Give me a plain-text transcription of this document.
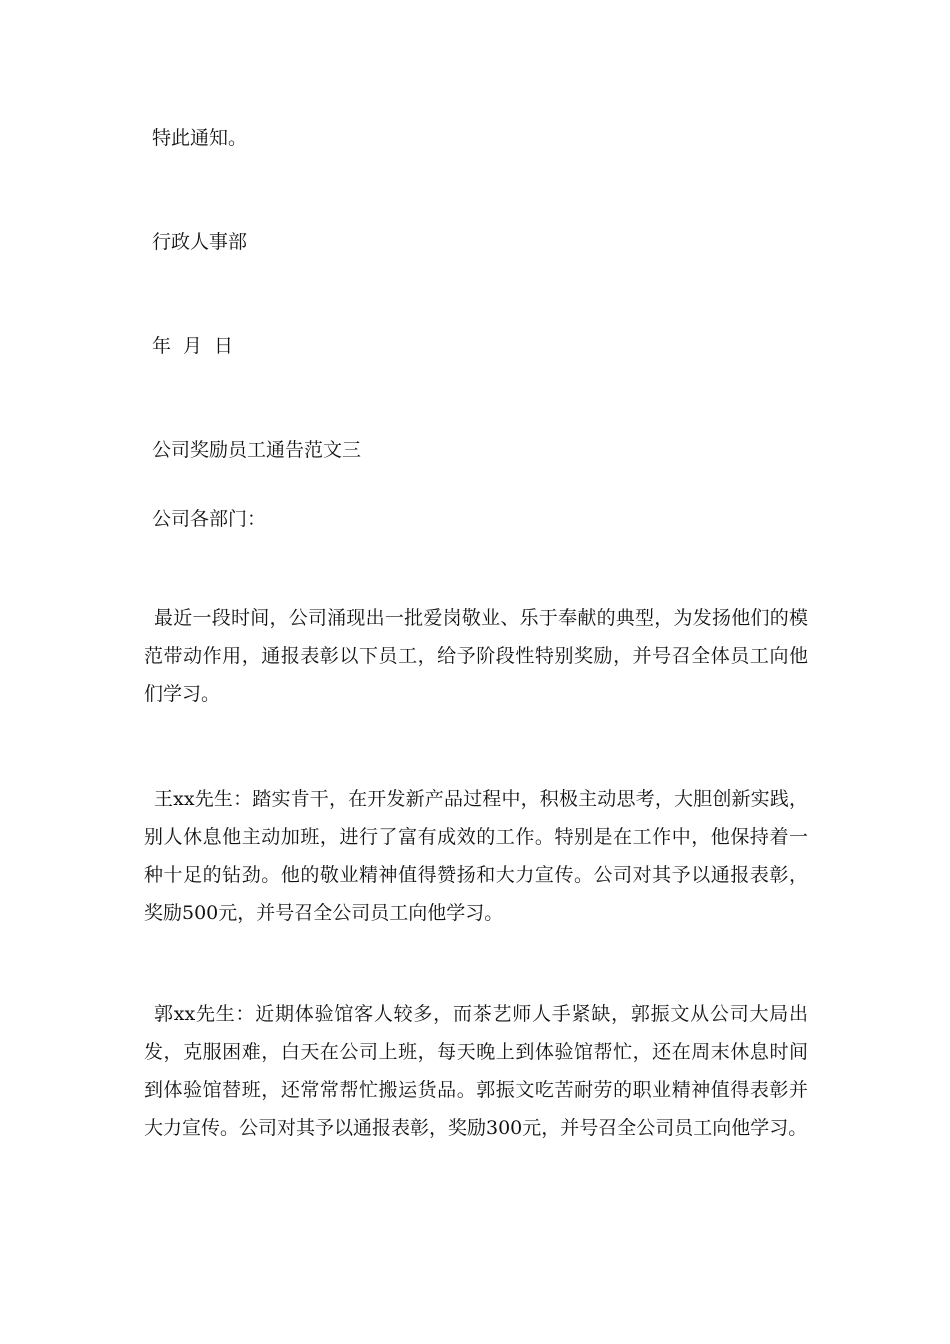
特此通知。
行政人事部
年 月 日
公司奖励员工通告范文三
公司各部门：
最近一段时间，公司涌现出一批爱岗敬业、乐于奉献的典型，为发扬他们的模范带动作用，通报表彰以下员工，给予阶段性特别奖励，并号召全体员工向他们学习。
王xx先生：踏实肯干，在开发新产品过程中，积极主动思考，大胆创新实践，别人休息他主动加班，进行了富有成效的工作。特别是在工作中，他保持着一种十足的钻劲。他的敬业精神值得赞扬和大力宣传。公司对其予以通报表彰，奖励500元，并号召全公司员工向他学习。
郭xx先生：近期体验馆客人较多，而茶艺师人手紧缺，郭振文从公司大局出发，克服困难，白天在公司上班，每天晚上到体验馆帮忙，还在周末休息时间到体验馆替班，还常常帮忙搬运货品。郭振文吃苦耐劳的职业精神值得表彰并大力宣传。公司对其予以通报表彰，奖励300元，并号召全公司员工向他学习。
